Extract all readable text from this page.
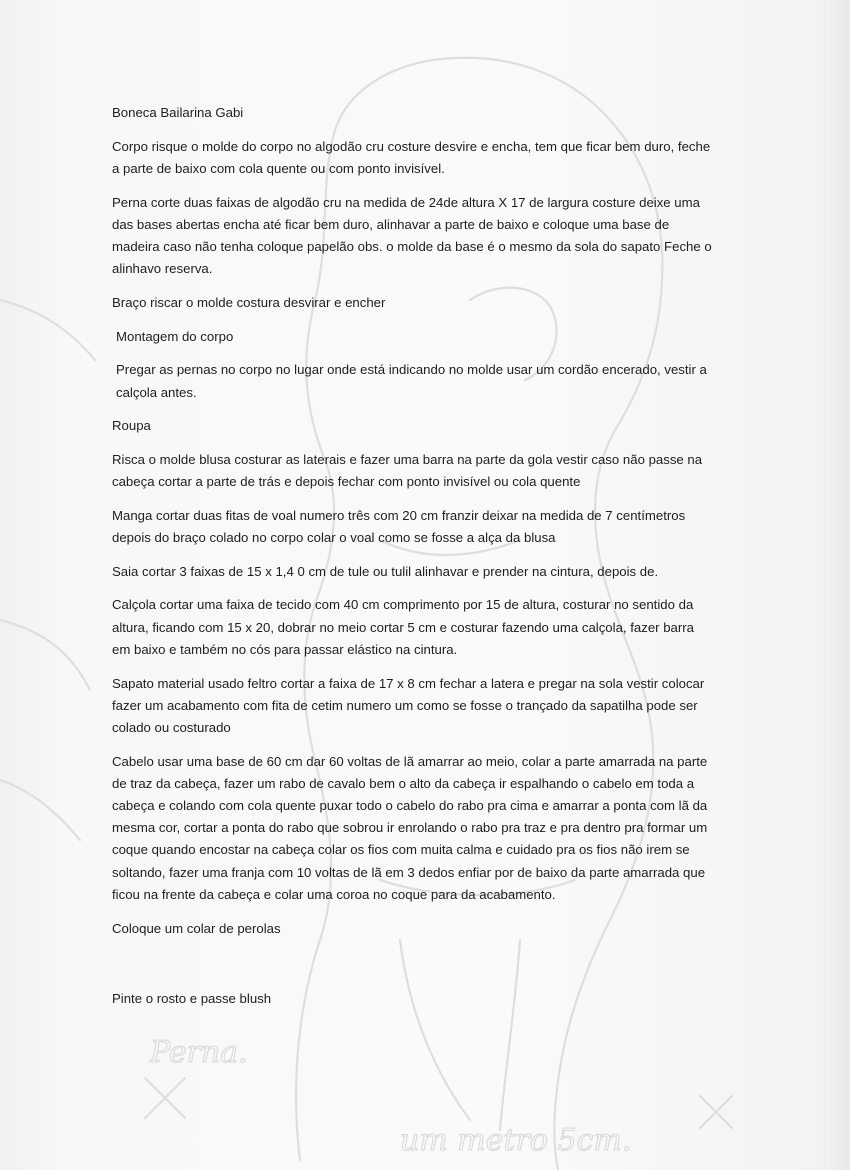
Perna.
um metro 5cm.

Boneca Bailarina Gabi

Corpo risque o molde do corpo no algodão cru costure desvire e encha, tem que ficar bem duro, feche a parte de baixo com cola quente ou com ponto invisível.

Perna corte duas faixas de algodão cru na medida de 24de altura X 17 de largura costure deixe uma das bases abertas encha até ficar bem duro, alinhavar a parte de baixo e coloque uma base de madeira caso não tenha coloque papelão obs. o molde da base é o mesmo da sola do sapato Feche o alinhavo reserva.

Braço riscar o molde costura desvirar e encher

Montagem do corpo

Pregar as pernas no corpo no lugar onde está indicando no molde usar um cordão encerado, vestir a calçola antes.

Roupa

Risca o molde blusa costurar as laterais e fazer uma barra na parte da gola vestir caso não passe na cabeça cortar a parte de trás e depois fechar com ponto invisível ou cola quente

Manga cortar duas fitas de voal numero três com 20 cm franzir deixar na medida de 7 centímetros depois do braço colado no corpo colar o voal como se fosse a alça da blusa

Saia cortar 3 faixas de 15 x 1,4 0 cm de tule ou tulil alinhavar e prender na cintura, depois de.

Calçola cortar uma faixa de tecido com 40 cm comprimento por 15 de altura, costurar no sentido da altura, ficando com 15 x 20, dobrar no meio cortar 5 cm e costurar fazendo uma calçola, fazer barra em baixo e também no cós para passar elástico na cintura.

Sapato material usado feltro cortar a faixa de 17 x 8 cm fechar a latera e pregar na sola vestir colocar fazer um acabamento com fita de cetim numero um como se fosse o trançado da sapatilha pode ser colado ou costurado

Cabelo usar uma base de 60 cm dar 60 voltas de lã amarrar ao meio, colar a parte amarrada na parte de traz da cabeça, fazer um rabo de cavalo bem o alto da cabeça ir espalhando o cabelo em toda a cabeça e colando com cola quente puxar todo o cabelo do rabo pra cima e amarrar a ponta com lã da mesma cor, cortar a ponta do rabo que sobrou ir enrolando o rabo pra traz e pra dentro pra formar um coque quando encostar na cabeça colar os fios com muita calma e cuidado pra os fios não irem se soltando, fazer uma franja com 10 voltas de lã em 3 dedos enfiar por de baixo da parte amarrada que ficou na frente da cabeça e colar uma coroa no coque para da acabamento.

Coloque um colar de perolas

Pinte o rosto e passe blush
